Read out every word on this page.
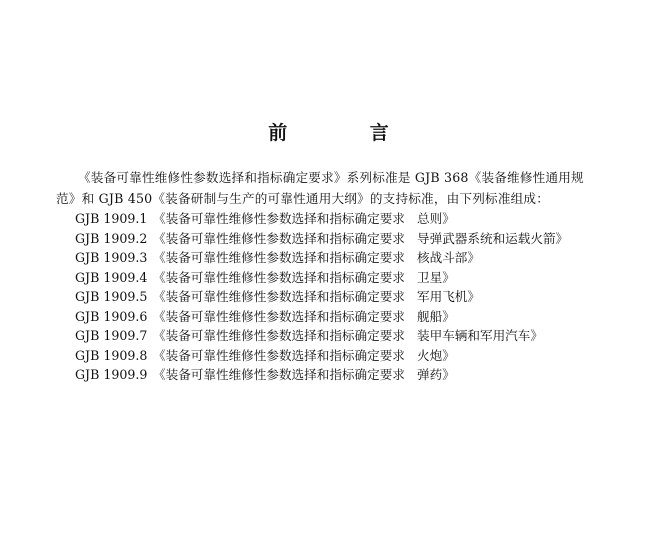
前 言
《装备可靠性维修性参数选择和指标确定要求》系列标准是 GJB 368《装备维修性通用规范》和 GJB 450《装备研制与生产的可靠性通用大纲》的支持标准，由下列标准组成：
GJB 1909.1 《装备可靠性维修性参数选择和指标确定要求 总则》
GJB 1909.2 《装备可靠性维修性参数选择和指标确定要求 导弹武器系统和运载火箭》
GJB 1909.3 《装备可靠性维修性参数选择和指标确定要求 核战斗部》
GJB 1909.4 《装备可靠性维修性参数选择和指标确定要求 卫星》
GJB 1909.5 《装备可靠性维修性参数选择和指标确定要求 军用飞机》
GJB 1909.6 《装备可靠性维修性参数选择和指标确定要求 舰船》
GJB 1909.7 《装备可靠性维修性参数选择和指标确定要求 装甲车辆和军用汽车》
GJB 1909.8 《装备可靠性维修性参数选择和指标确定要求 火炮》
GJB 1909.9 《装备可靠性维修性参数选择和指标确定要求 弹药》
